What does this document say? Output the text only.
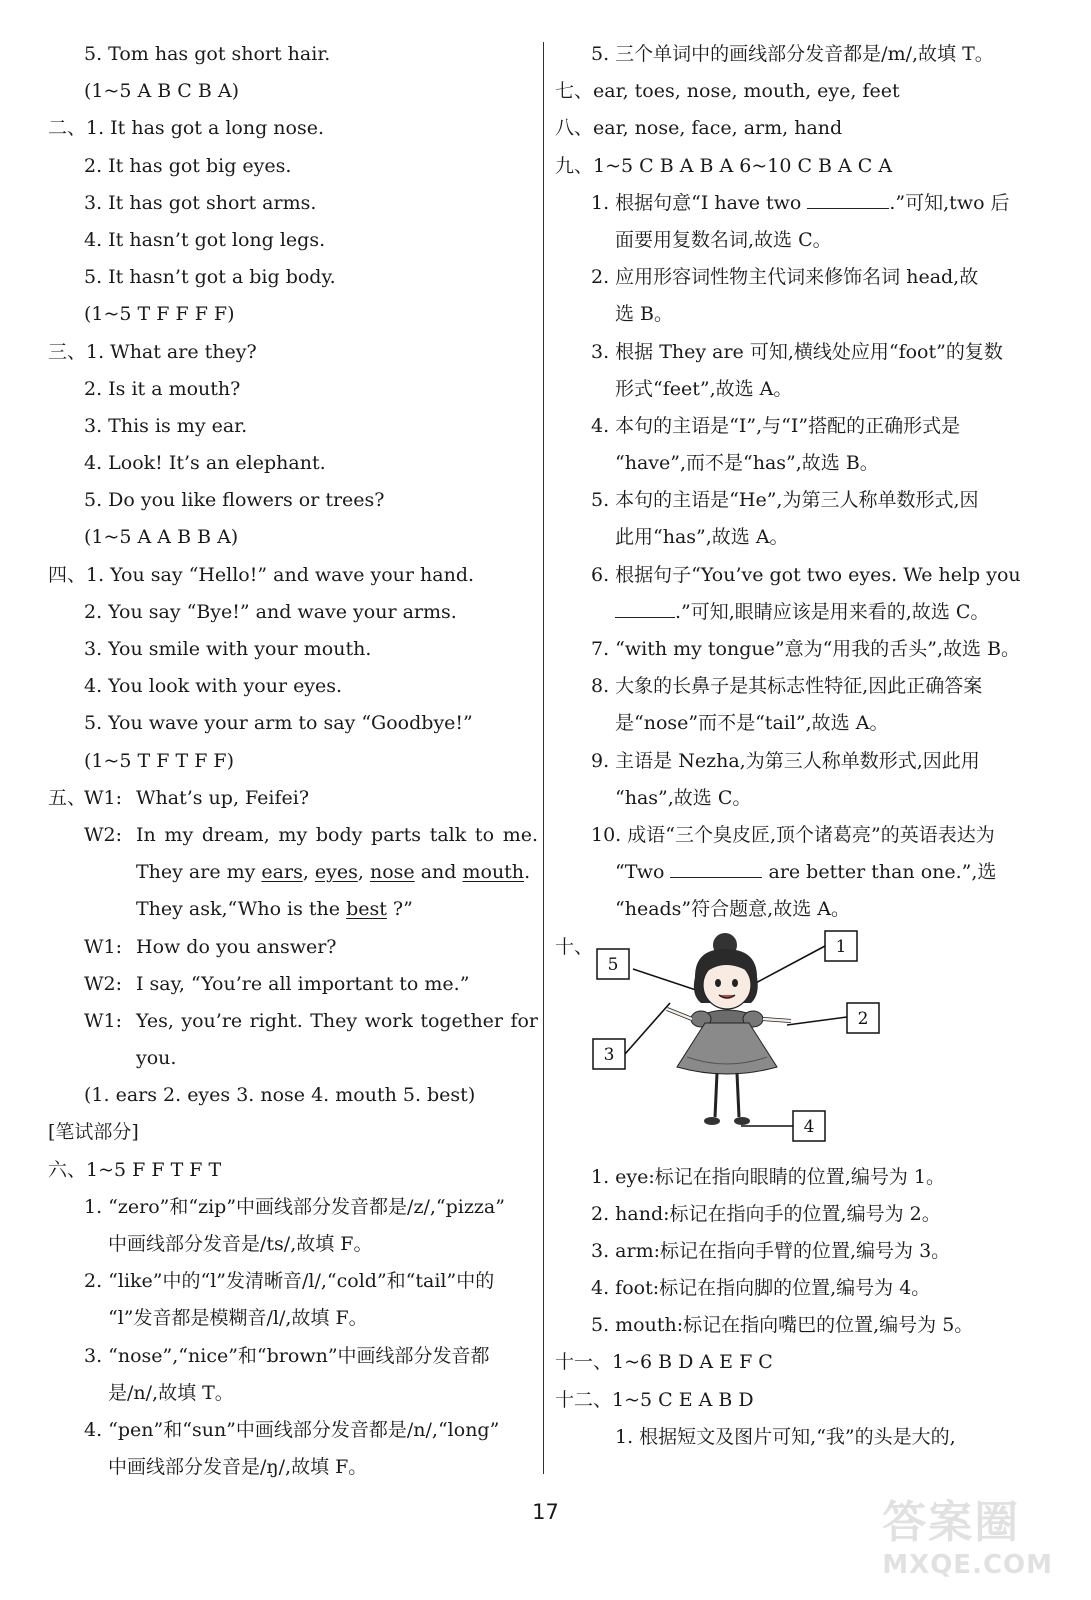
5. Tom has got short hair.
(1~5 A B C B A)
二、1. It has got a long nose.
2. It has got big eyes.
3. It has got short arms.
4. It hasn’t got long legs.
5. It hasn’t got a big body.
(1~5 T F F F F)
三、1. What are they?
2. Is it a mouth?
3. This is my ear.
4. Look! It’s an elephant.
5. Do you like flowers or trees?
(1~5 A A B B A)
四、1. You say “Hello!” and wave your hand.
2. You say “Bye!” and wave your arms.
3. You smile with your mouth.
4. You look with your eyes.
5. You wave your arm to say “Goodbye!”
(1~5 T F T F F)
五、
W1: What’s up, Feifei?
W2: In my dream, my body parts talk to me.
They are my ears, eyes, nose and mouth.
They ask,“Who is the best ?”
W1: How do you answer?
W2: I say, “You’re all important to me.”
W1: Yes, you’re right. They work together for
you.
(1. ears 2. eyes 3. nose 4. mouth 5. best)
[笔试部分]
六、1~5 F F T F T
1. “zero”和“zip”中画线部分发音都是/z/,“pizza”
中画线部分发音是/ts/,故填 F。
2. “like”中的“l”发清晰音/l/,“cold”和“tail”中的
“l”发音都是模糊音/l/,故填 F。
3. “nose”,“nice”和“brown”中画线部分发音都
是/n/,故填 T。
4. “pen”和“sun”中画线部分发音都是/n/,“long”
中画线部分发音是/ŋ/,故填 F。
5. 三个单词中的画线部分发音都是/m/,故填 T。
七、ear, toes, nose, mouth, eye, feet
八、ear, nose, face, arm, hand
九、1~5 C B A B A 6~10 C B A C A
1. 根据句意“I have two	.”可知,two 后
面要用复数名词,故选 C。
2. 应用形容词性物主代词来修饰名词 head,故
选 B。
3. 根据 They are 可知,横线处应用“foot”的复数
形式“feet”,故选 A。
4. 本句的主语是“I”,与“I”搭配的正确形式是
“have”,而不是“has”,故选 B。
5. 本句的主语是“He”,为第三人称单数形式,因
此用“has”,故选 A。
6. 根据句子“You’ve got two eyes. We help you
.”可知,眼睛应该是用来看的,故选 C。
7. “with my tongue”意为“用我的舌头”,故选 B。
8. 大象的长鼻子是其标志性特征,因此正确答案
是“nose”而不是“tail”,故选 A。
9. 主语是 Nezha,为第三人称单数形式,因此用
“has”,故选 C。
10. 成语“三个臭皮匠,顶个诸葛亮”的英语表达为
“Two	are better than one.”,选
“heads”符合题意,故选 A。
十、	1
2
3
4
5
1. eye:标记在指向眼睛的位置,编号为 1。
2. hand:标记在指向手的位置,编号为 2。
3. arm:标记在指向手臂的位置,编号为 3。
4. foot:标记在指向脚的位置,编号为 4。
5. mouth:标记在指向嘴巴的位置,编号为 5。
十一、1~6 B D A E F C
十二、1~5 C E A B D
1. 根据短文及图片可知,“我”的头是大的,
17	答案圈
MXQE.COM
